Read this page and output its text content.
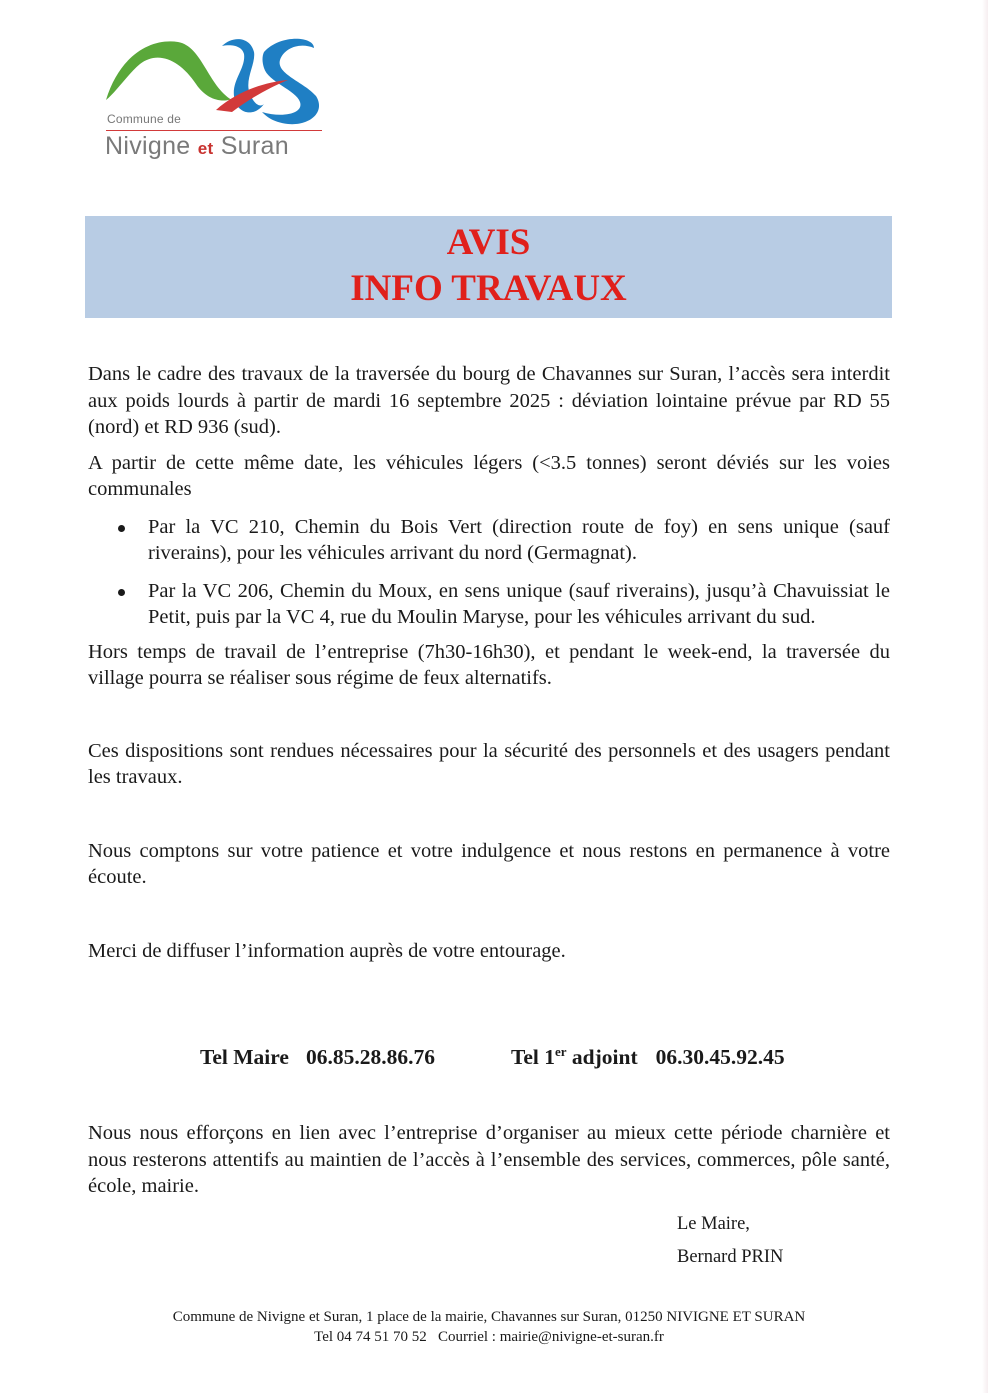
Commune de
Nivigne et Suran
AVIS
INFO TRAVAUX

Dans le cadre des travaux de la traversée du bourg de Chavannes sur Suran, l’accès sera interdit aux poids lourds à partir de mardi 16 septembre 2025 : déviation lointaine prévue par RD 55 (nord) et RD 936 (sud).

A partir de cette même date, les véhicules légers (<3.5 tonnes) seront déviés sur les voies communales

Par la VC 210, Chemin du Bois Vert (direction route de foy) en sens unique (sauf riverains), pour les véhicules arrivant du nord (Germagnat).
Par la VC 206, Chemin du Moux, en sens unique (sauf riverains), jusqu’à Chavuissiat le Petit, puis par la VC 4, rue du Moulin Maryse, pour les véhicules arrivant du sud.

Hors temps de travail de l’entreprise (7h30-16h30), et pendant le week-end, la traversée du village pourra se réaliser sous régime de feux alternatifs.

Ces dispositions sont rendues nécessaires pour la sécurité des personnels et des usagers pendant les travaux.

Nous comptons sur votre patience et votre indulgence et nous restons en permanence à votre écoute.

Merci de diffuser l’information auprès de votre entourage.

Tel Maire 06.85.28.86.76	Tel 1er adjoint 06.30.45.92.45

Nous nous efforçons en lien avec l’entreprise d’organiser au mieux cette période charnière et nous resterons attentifs au maintien de l’accès à l’ensemble des services, commerces, pôle santé, école, mairie.

Le Maire,
Bernard PRIN
Commune de Nivigne et Suran, 1 place de la mairie, Chavannes sur Suran, 01250 NIVIGNE ET SURAN
Tel 04 74 51 70 52   Courriel : mairie@nivigne-et-suran.fr
